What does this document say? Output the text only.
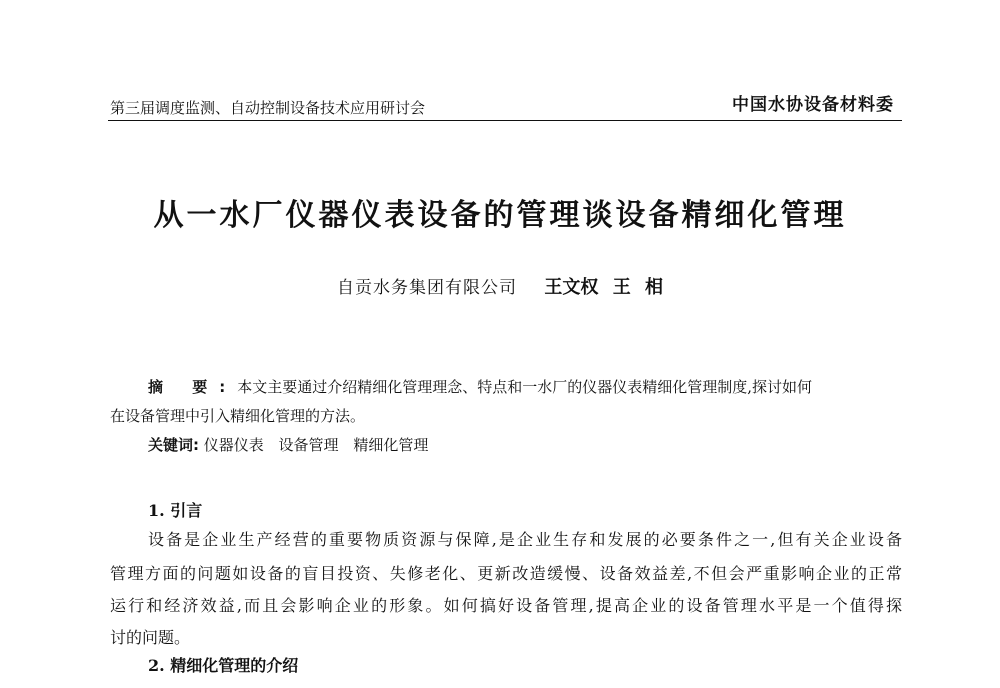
第三届调度监测、自动控制设备技术应用研讨会	中国水协设备材料委
从一水厂仪器仪表设备的管理谈设备精细化管理
自贡水务集团有限公司 王文权 王 相
摘 要:本文主要通过介绍精细化管理理念、特点和一水厂的仪器仪表精细化管理制度,探讨如何
在设备管理中引入精细化管理的方法。
关键词: 仪器仪表 设备管理 精细化管理
1. 引言
设备是企业生产经营的重要物质资源与保障,是企业生存和发展的必要条件之一,但有关企业设备
管理方面的问题如设备的盲目投资、失修老化、更新改造缓慢、设备效益差,不但会严重影响企业的正常
运行和经济效益,而且会影响企业的形象。如何搞好设备管理,提高企业的设备管理水平是一个值得探
讨的问题。
2. 精细化管理的介绍
